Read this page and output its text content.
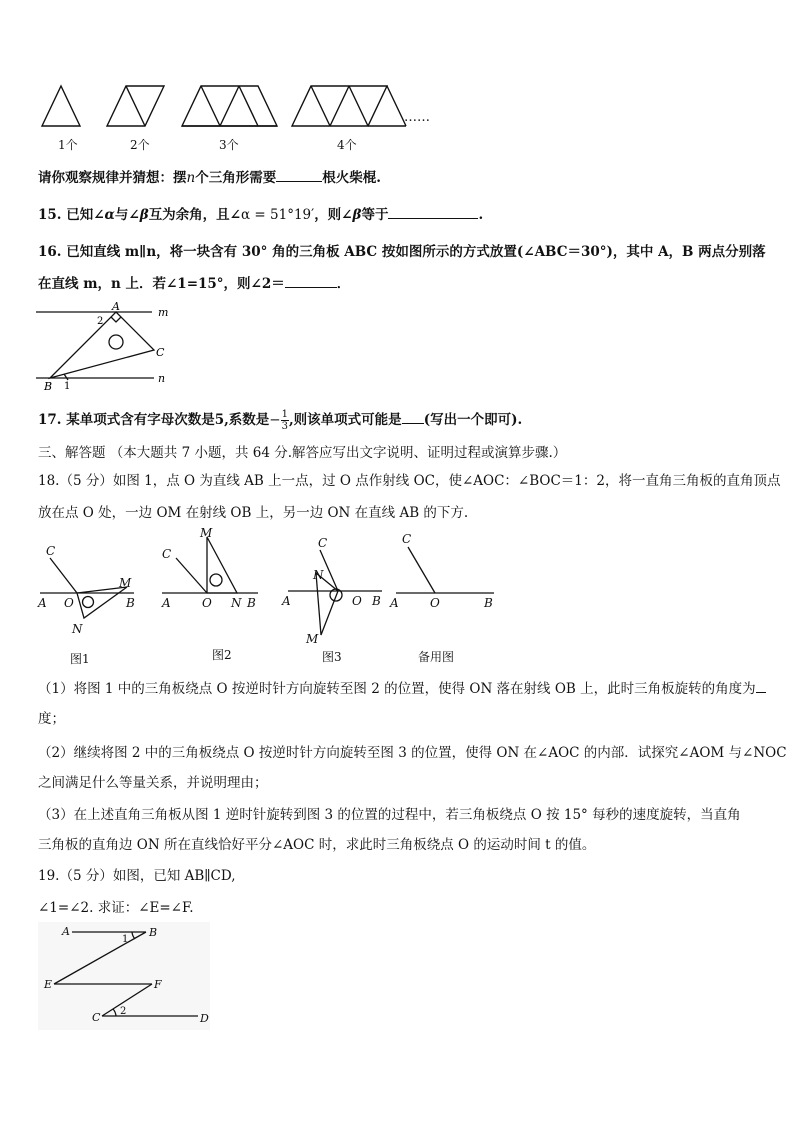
1个	2个	3个	4个
……
请你观察规律并猜想：摆n个三角形需要	根火柴棍.
15. 已知∠α与∠β互为余角，且∠α = 51°19′，则∠β等于	.
16. 已知直线 m∥n，将一块含有 30° 角的三角板 ABC 按如图所示的方式放置(∠ABC＝30°)，其中 A，B 两点分别落
在直线 m，n 上．若∠1=15°，则∠2＝	．
A
C
B
m
n
1
2
17. 某单项式含有字母次数是5,系数是− $\frac{1}{3}$ ,则该单项式可能是 (写出一个即可).
三、解答题 （本大题共 7 小题，共 64 分.解答应写出文字说明、证明过程或演算步骤.）
18.（5 分）如图 1，点 O 为直线 AB 上一点，过 O 点作射线 OC，使∠AOC：∠BOC＝1：2，将一直角三角板的直角顶点
放在点 O 处，一边 OM 在射线 OB 上，另一边 ON 在直线 AB 的下方.
C
A O
M
B
N
C
M
A	O N B
C
N
A	O B
M
C
A	O	B
图1	图2	图3	备用图
（1）将图 1 中的三角板绕点 O 按逆时针方向旋转至图 2 的位置，使得 ON 落在射线 OB 上，此时三角板旋转的角度为
度；
（2）继续将图 2 中的三角板绕点 O 按逆时针方向旋转至图 3 的位置，使得 ON 在∠AOC 的内部．试探究∠AOM 与∠NOC
之间满足什么等量关系，并说明理由；
（3）在上述直角三角板从图 1 逆时针旋转到图 3 的位置的过程中，若三角板绕点 O 按 15° 每秒的速度旋转，当直角
三角板的直角边 ON 所在直线恰好平分∠AOC 时，求此时三角板绕点 O 的运动时间 t 的值。
19.（5 分）如图，已知 AB∥CD,
∠1=∠2. 求证：∠E=∠F.
A	B
E	F
C	D
1
2
